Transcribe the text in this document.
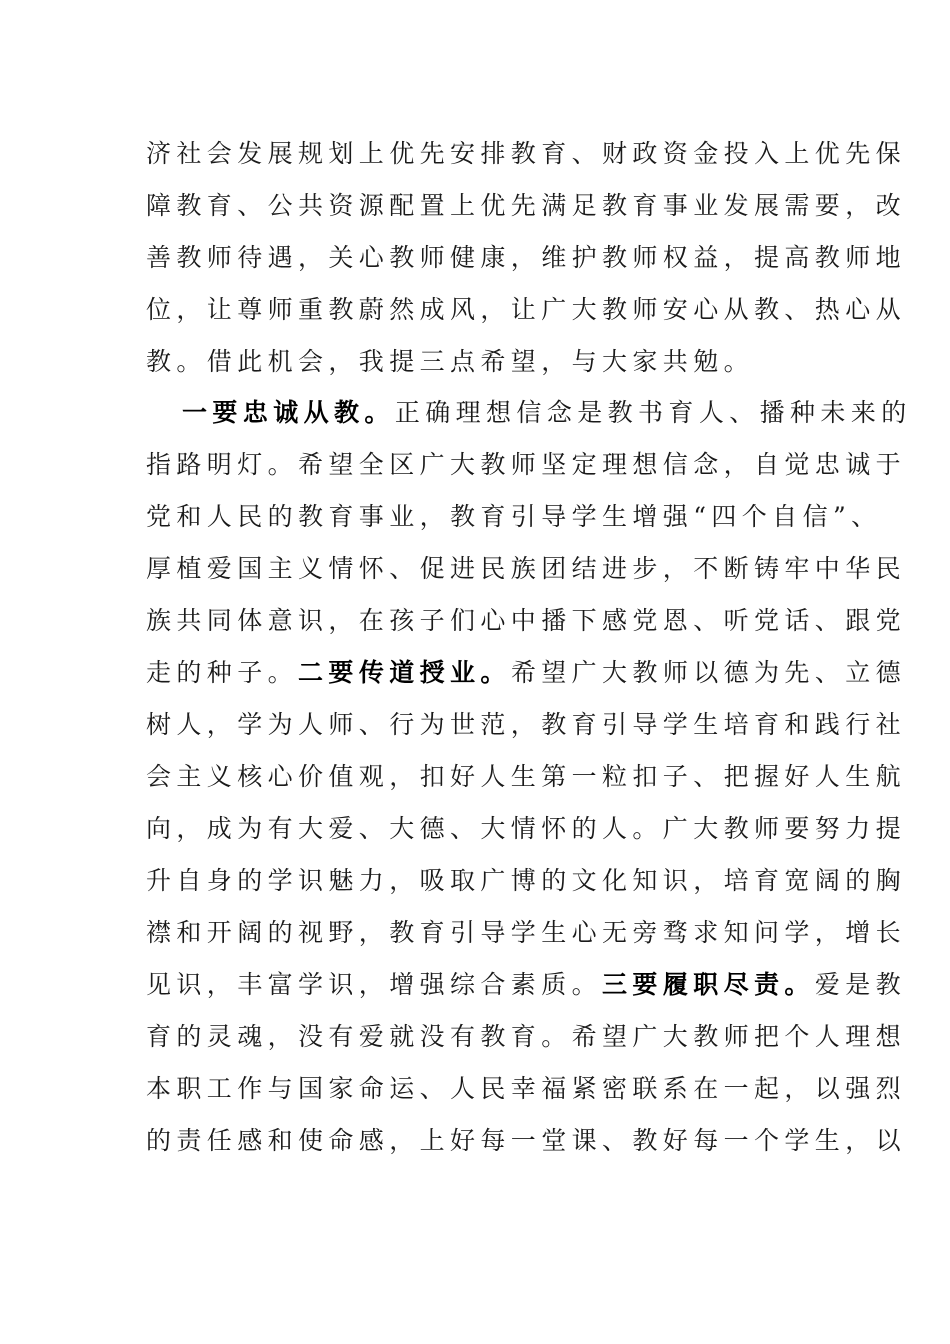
济社会发展规划上优先安排教育、财政资金投入上优先保
障教育、公共资源配置上优先满足教育事业发展需要，改
善教师待遇，关心教师健康，维护教师权益，提高教师地
位，让尊师重教蔚然成风，让广大教师安心从教、热心从
教。借此机会，我提三点希望，与大家共勉。
一要忠诚从教。正确理想信念是教书育人、播种未来的
指路明灯。希望全区广大教师坚定理想信念，自觉忠诚于
党和人民的教育事业，教育引导学生增强“四个自信”、
厚植爱国主义情怀、促进民族团结进步，不断铸牢中华民
族共同体意识，在孩子们心中播下感党恩、听党话、跟党
走的种子。二要传道授业。希望广大教师以德为先、立德
树人，学为人师、行为世范，教育引导学生培育和践行社
会主义核心价值观，扣好人生第一粒扣子、把握好人生航
向，成为有大爱、大德、大情怀的人。广大教师要努力提
升自身的学识魅力，吸取广博的文化知识，培育宽阔的胸
襟和开阔的视野，教育引导学生心无旁骛求知问学，增长
见识，丰富学识，增强综合素质。三要履职尽责。爱是教
育的灵魂，没有爱就没有教育。希望广大教师把个人理想
本职工作与国家命运、人民幸福紧密联系在一起，以强烈
的责任感和使命感，上好每一堂课、教好每一个学生，以
